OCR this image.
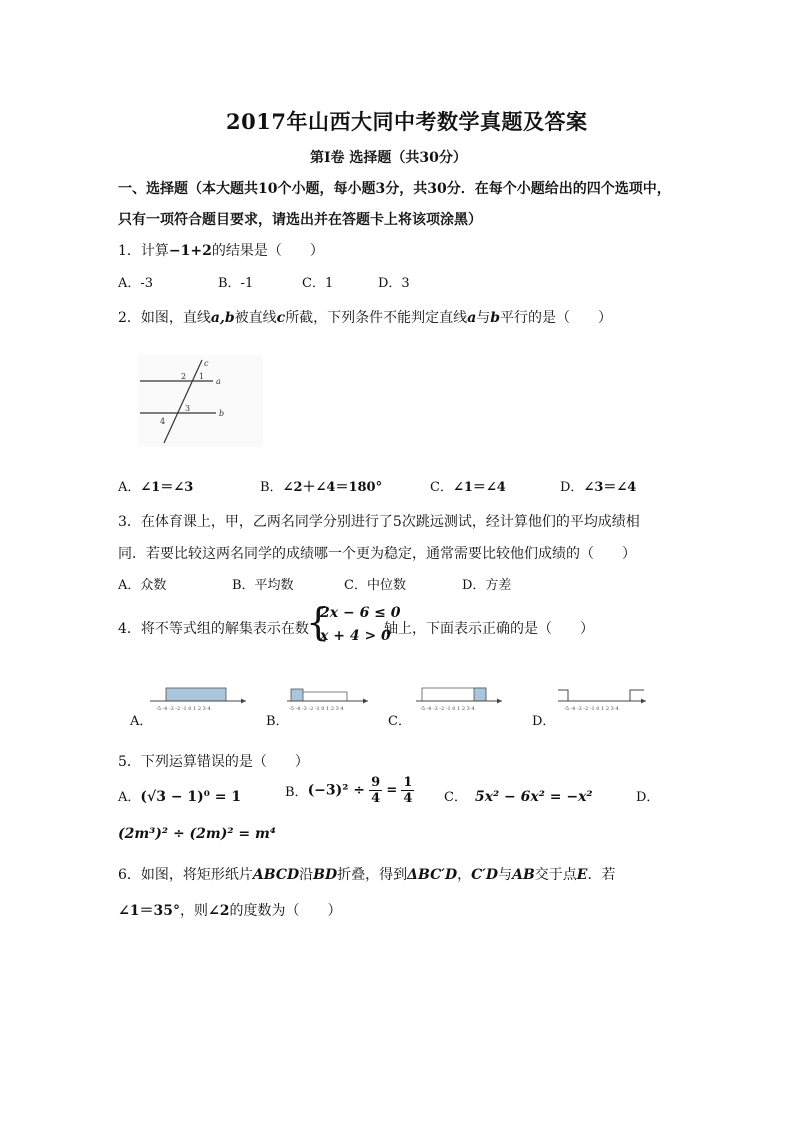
2017年山西大同中考数学真题及答案
第Ⅰ卷 选择题（共30分）
一、选择题（本大题共10个小题，每小题3分，共30分．在每个小题给出的四个选项中，
只有一项符合题目要求，请选出并在答题卡上将该项涂黑）
1．计算−1+2的结果是（　　）
A．-3	B．-1	C．1	D．3
2．如图，直线a,b被直线c所截，下列条件不能判定直线a与b平行的是（　　）
c
a
b
1
2
3
4
A．∠1＝∠3	B．∠2＋∠4＝180°	C．∠1＝∠4	D．∠3＝∠4
3．在体育课上，甲，乙两名同学分别进行了5次跳远测试，经计算他们的平均成绩相
同．若要比较这两名同学的成绩哪一个更为稳定，通常需要比较他们成绩的（　　）
A．众数	B．平均数	C．中位数	D．方差
4．将不等式组的解集表示在数
{
2x − 6 ≤ 0
x + 4 > 0
轴上，下面表示正确的是（　　）
-5 -4 -3 -2 -1 0 1 2 3 4
A．
-5 -4 -3 -2 -1 0 1 2 3 4
B．
-5 -4 -3 -2 -1 0 1 2 3 4
C．
-5 -4 -3 -2 -1 0 1 2 3 4
D．
5．下列运算错误的是（　　）
A．(√3 − 1)⁰ = 1	B．$(-3)^2 \div \frac{9}{4} = \frac{1}{4}$ C． 5x² − 6x² = −x²	D．
(2m³)² ÷ (2m)² = m⁴
6．如图，将矩形纸片ABCD沿BD折叠，得到ΔBC′D，C′D与AB交于点E．若
∠1＝35°，则∠2的度数为（　　）
